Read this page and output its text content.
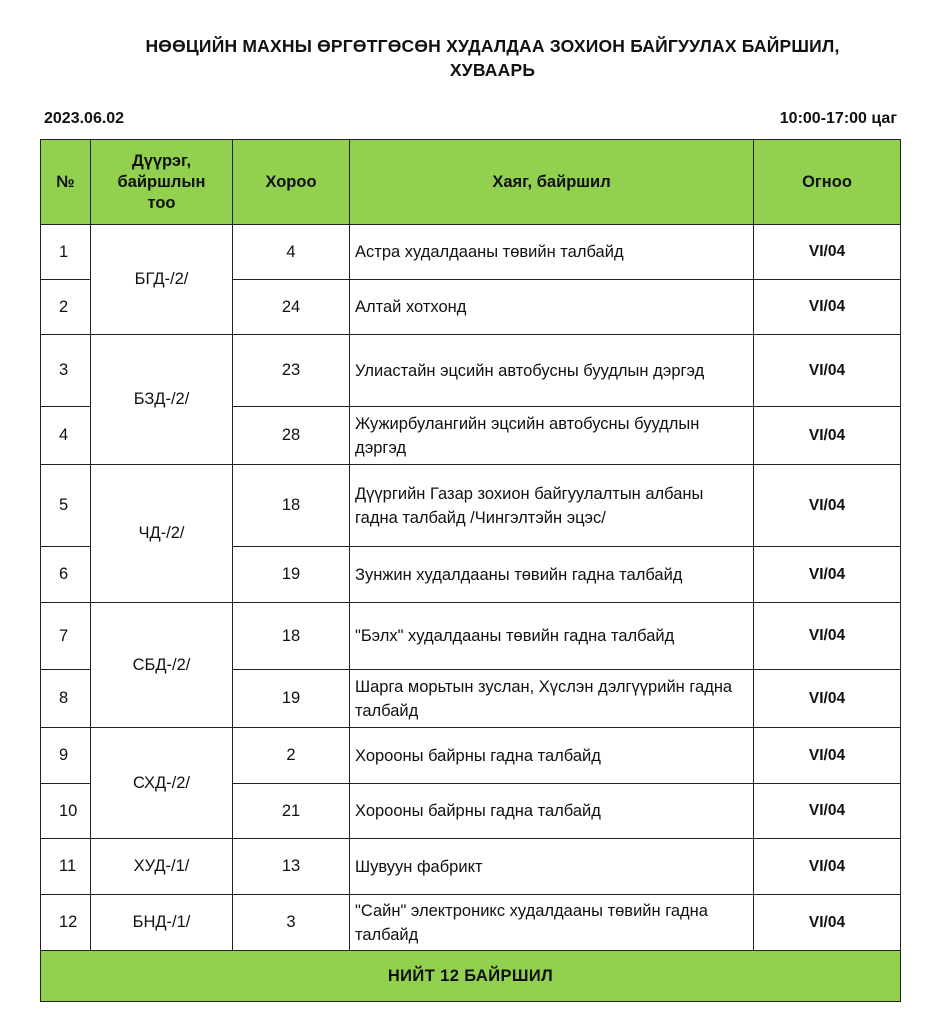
НӨӨЦИЙН МАХНЫ ӨРГӨТГӨСӨН ХУДАЛДАА ЗОХИОН БАЙГУУЛАХ БАЙРШИЛ,
ХУВААРЬ
2023.06.02	10:00-17:00 цаг
№	Дүүрэг, байршлын тоо	Хороо	Хаяг, байршил	Огноо
1	БГД-/2/	4	Астра худалдааны төвийн талбайд	VI/04
2		24	Алтай хотхонд	VI/04
3	БЗД-/2/	23	Улиастайн эцсийн автобусны буудлын дэргэд	VI/04
4		28	Жужирбулангийн эцсийн автобусны буудлын дэргэд	VI/04
5	ЧД-/2/	18	Дүүргийн Газар зохион байгуулалтын албаны гадна талбайд /Чингэлтэйн эцэс/	VI/04
6		19	Зунжин худалдааны төвийн гадна талбайд	VI/04
7	СБД-/2/	18	"Бэлх" худалдааны төвийн гадна талбайд	VI/04
8		19	Шарга морьтын зуслан, Хүслэн дэлгүүрийн гадна талбайд	VI/04
9	СХД-/2/	2	Хорооны байрны гадна талбайд	VI/04
10		21	Хорооны байрны гадна талбайд	VI/04
11	ХУД-/1/	13	Шувуун фабрикт	VI/04
12	БНД-/1/	3	"Сайн" электроникс худалдааны төвийн гадна талбайд	VI/04
НИЙТ 12 БАЙРШИЛ				
